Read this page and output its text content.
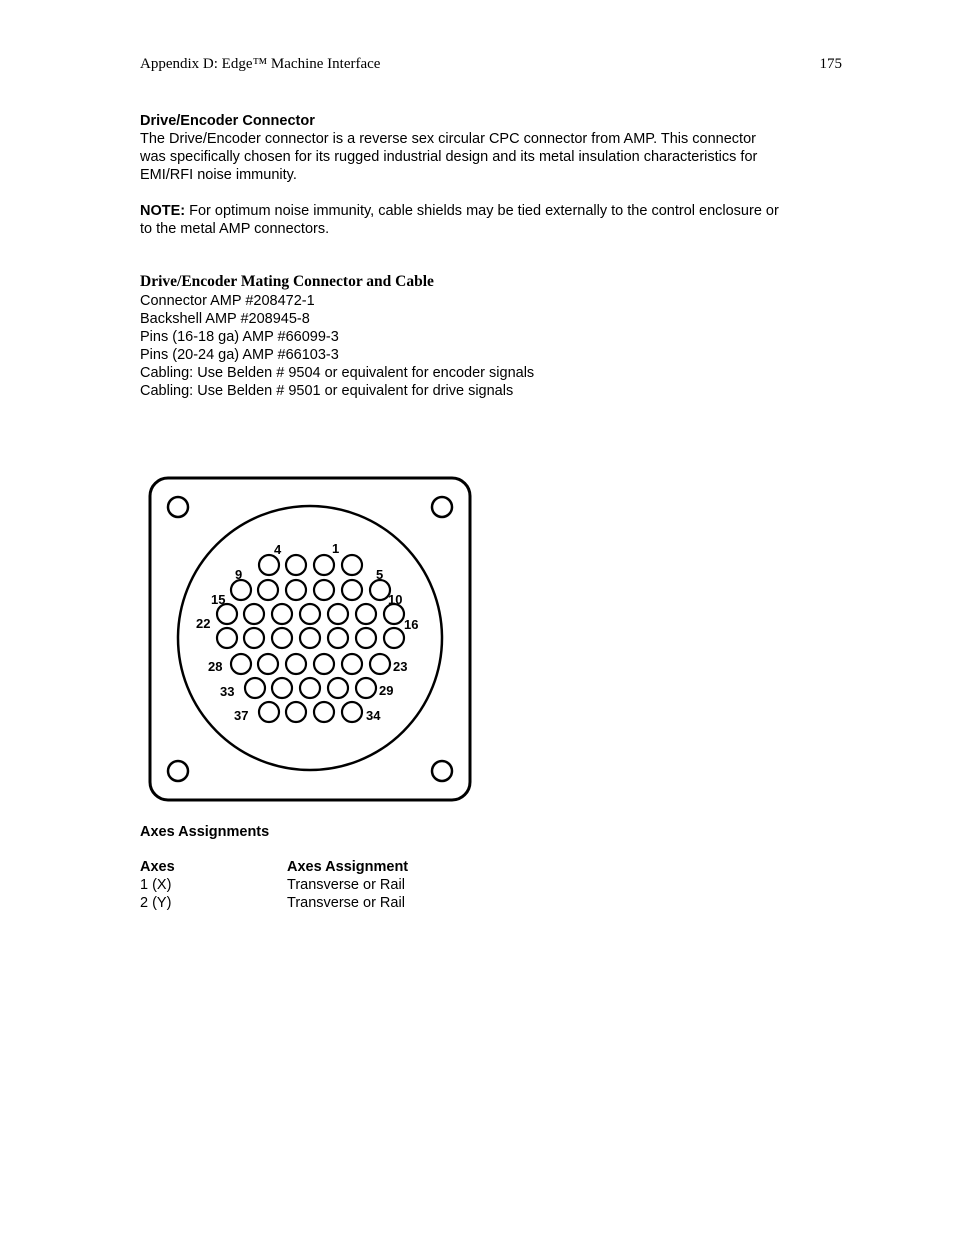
Appendix D: Edge™ Machine Interface	175
Drive/Encoder Connector
The Drive/Encoder connector is a reverse sex circular CPC connector from AMP. This connector
was specifically chosen for its rugged industrial design and its metal insulation characteristics for
EMI/RFI noise immunity.
NOTE: For optimum noise immunity, cable shields may be tied externally to the control enclosure or
to the metal AMP connectors.
Drive/Encoder Mating Connector and Cable
Connector AMP #208472-1
Backshell AMP #208945-8
Pins (16-18 ga) AMP #66099-3
Pins (20-24 ga) AMP #66103-3
Cabling: Use Belden # 9504 or equivalent for encoder signals
Cabling: Use Belden # 9501 or equivalent for drive signals
4	1
9	5
15	10
22	16
28	23
33	29
37	34
Axes Assignments
Axes	Axes Assignment
1 (X)	Transverse or Rail
2 (Y)	Transverse or Rail
